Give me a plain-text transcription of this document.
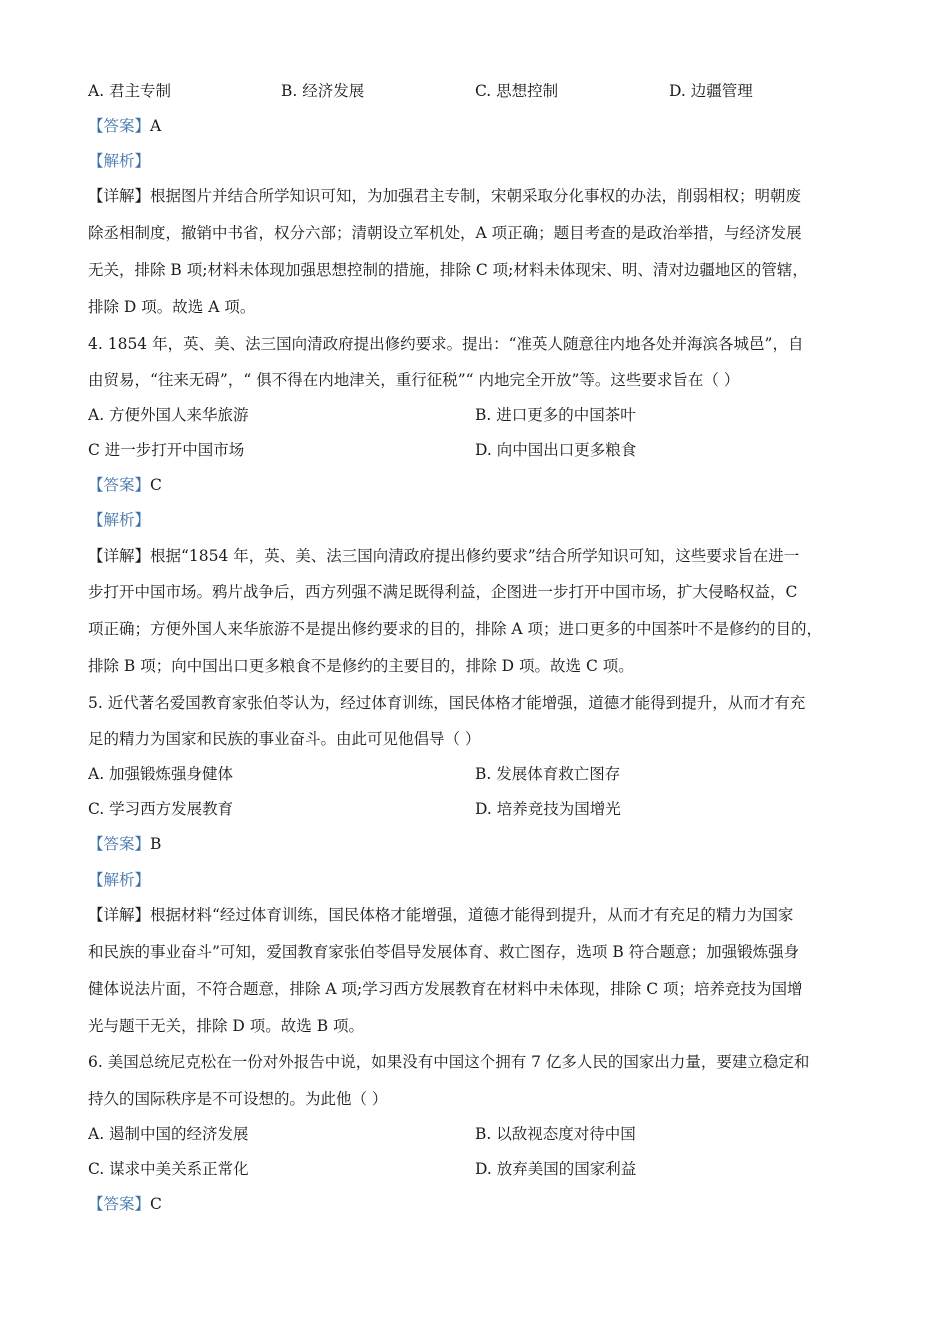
A. 君主专制	B. 经济发展	C. 思想控制	D. 边疆管理
【答案】A
【解析】
【详解】根据图片并结合所学知识可知，为加强君主专制，宋朝采取分化事权的办法，削弱相权；明朝废
除丞相制度，撤销中书省，权分六部；清朝设立军机处，A 项正确；题目考查的是政治举措，与经济发展
无关，排除 B 项;材料未体现加强思想控制的措施，排除 C 项;材料未体现宋、明、清对边疆地区的管辖，
排除 D 项。故选 A 项。
4. 1854 年，英、美、法三国向清政府提出修约要求。提出：“准英人随意往内地各处并海滨各城邑”，自
由贸易，“往来无碍”，“ 俱不得在内地津关，重行征税”“ 内地完全开放”等。这些要求旨在（ ）
A. 方便外国人来华旅游	B. 进口更多的中国茶叶
C 进一步打开中国市场	D. 向中国出口更多粮食
【答案】C
【解析】
【详解】根据“1854 年，英、美、法三国向清政府提出修约要求”结合所学知识可知，这些要求旨在进一
步打开中国市场。鸦片战争后，西方列强不满足既得利益，企图进一步打开中国市场，扩大侵略权益，C
项正确；方便外国人来华旅游不是提出修约要求的目的，排除 A 项；进口更多的中国茶叶不是修约的目的，
排除 B 项；向中国出口更多粮食不是修约的主要目的，排除 D 项。故选 C 项。
5. 近代著名爱国教育家张伯苓认为，经过体育训练，国民体格才能增强，道德才能得到提升，从而才有充
足的精力为国家和民族的事业奋斗。由此可见他倡导（ ）
A. 加强锻炼强身健体	B. 发展体育救亡图存
C. 学习西方发展教育	D. 培养竞技为国增光
【答案】B
【解析】
【详解】根据材料“经过体育训练，国民体格才能增强，道德才能得到提升，从而才有充足的精力为国家
和民族的事业奋斗”可知，爱国教育家张伯苓倡导发展体育、救亡图存，选项 B 符合题意；加强锻炼强身
健体说法片面，不符合题意，排除 A 项;学习西方发展教育在材料中未体现，排除 C 项；培养竞技为国增
光与题干无关，排除 D 项。故选 B 项。
6. 美国总统尼克松在一份对外报告中说，如果没有中国这个拥有 7 亿多人民的国家出力量，要建立稳定和
持久的国际秩序是不可设想的。为此他（ ）
A. 遏制中国的经济发展	B. 以敌视态度对待中国
C. 谋求中美关系正常化	D. 放弃美国的国家利益
【答案】C
